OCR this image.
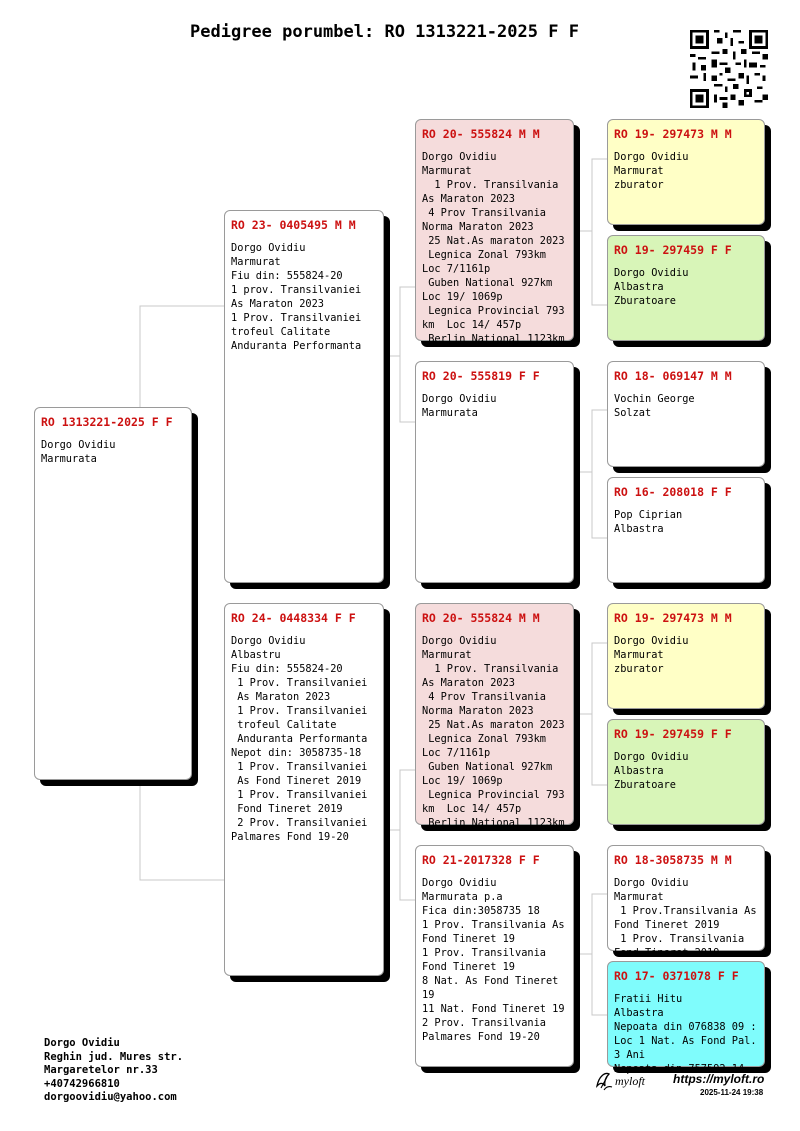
Pedigree porumbel: RO 1313221-2025 F F
RO 1313221-2025 F F
Dorgo Ovidiu
Marmurata
RO 23- 0405495 M M
Dorgo Ovidiu
Marmurat
Fiu din: 555824-20
1 prov. Transilvaniei
As Maraton 2023
1 Prov. Transilvaniei
trofeul Calitate
Anduranta Performanta
RO 24- 0448334 F F
Dorgo Ovidiu
Albastru
Fiu din: 555824-20
1 Prov. Transilvaniei
As Maraton 2023
1 Prov. Transilvaniei
trofeul Calitate
Anduranta Performanta
Nepot din: 3058735-18
1 Prov. Transilvaniei
As Fond Tineret 2019
1 Prov. Transilvaniei
Fond Tineret 2019
2 Prov. Transilvaniei
Palmares Fond 19-20
RO 20- 555824 M M
Dorgo Ovidiu
Marmurat
1 Prov. Transilvania
As Maraton 2023
4 Prov Transilvania
Norma Maraton 2023
25 Nat.As maraton 2023
Legnica Zonal 793km
Loc 7/1161p
Guben National 927km
Loc 19/ 1069p
Legnica Provincial 793
km  Loc 14/ 457p
Berlin National 1123km
RO 20- 555819 F F
Dorgo Ovidiu
Marmurata
RO 20- 555824 M M
Dorgo Ovidiu
Marmurat
1 Prov. Transilvania
As Maraton 2023
4 Prov Transilvania
Norma Maraton 2023
25 Nat.As maraton 2023
Legnica Zonal 793km
Loc 7/1161p
Guben National 927km
Loc 19/ 1069p
Legnica Provincial 793
km  Loc 14/ 457p
Berlin National 1123km
RO 21-2017328 F F
Dorgo Ovidiu
Marmurata p.a
Fica din:3058735 18
1 Prov. Transilvania As
Fond Tineret 19
1 Prov. Transilvania
Fond Tineret 19
8 Nat. As Fond Tineret
19
11 Nat. Fond Tineret 19
2 Prov. Transilvania
Palmares Fond 19-20
RO 19- 297473 M M
Dorgo Ovidiu
Marmurat
zburator
RO 19- 297459 F F
Dorgo Ovidiu
Albastra
Zburatoare
RO 18- 069147 M M
Vochin George
Solzat
RO 16- 208018 F F
Pop Ciprian
Albastra
RO 19- 297473 M M
Dorgo Ovidiu
Marmurat
zburator
RO 19- 297459 F F
Dorgo Ovidiu
Albastra
Zburatoare
RO 18-3058735 M M
Dorgo Ovidiu
Marmurat
1 Prov.Transilvania As
Fond Tineret 2019
1 Prov. Transilvania
Fond Tineret 2019
RO 17- 0371078 F F
Fratii Hitu
Albastra
Nepoata din 076838 09 :
Loc 1 Nat. As Fond Pal.
3 Ani
Nepoata din 757592 14
Dorgo Ovidiu
Reghin jud. Mures str.
Margaretelor nr.33
+40742966810
dorgoovidiu@yahoo.com
myloft https://myloft.ro
2025-11-24 19:38
